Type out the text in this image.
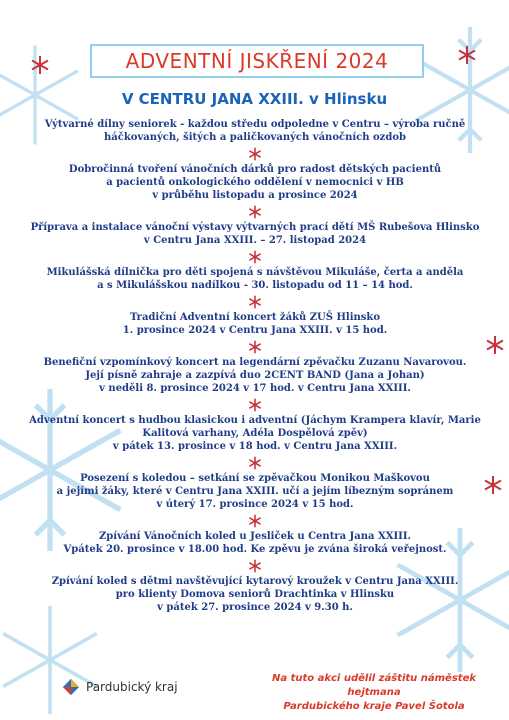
ADVENTNÍ JISKŘENÍ 2024
V CENTRU JANA XXIII. v Hlinsku
Výtvarné dílny seniorek - každou středu odpoledne v Centru – výroba ručně
háčkovaných, šitých a paličkovaných vánočních ozdob
Dobročinná tvoření vánočních dárků pro radost dětských pacientů
a pacientů onkologického oddělení v nemocnici v HB
v průběhu listopadu a prosince 2024
Příprava a instalace vánoční výstavy výtvarných prací dětí MŠ Rubešova Hlinsko
v Centru Jana XXIII. – 27. listopad 2024
Mikulášská dílnička pro děti spojená s návštěvou Mikuláše, čerta a anděla
a s Mikulášskou nadílkou - 30. listopadu od 11 – 14 hod.
Tradiční Adventní koncert žáků ZUŠ Hlinsko
1. prosince 2024 v Centru Jana XXIII. v 15 hod.
Benefiční vzpomínkový koncert na legendární zpěvačku Zuzanu Navarovou.
Její písně zahraje a zazpívá duo 2CENT BAND (Jana a Johan)
v neděli 8. prosince 2024 v 17 hod. v Centru Jana XXIII.
Adventní koncert s hudbou klasickou i adventní (Jáchym Krampera klavír, Marie
Kalitová varhany, Adéla Dospělová zpěv)
v pátek 13. prosince v 18 hod. v Centru Jana XXIII.
Posezení s koledou – setkání se zpěvačkou Monikou Maškovou
a jejími žáky, které v Centru Jana XXIII. učí a jejím líbezným sopránem
v úterý 17. prosince 2024 v 15 hod.
Zpívání Vánočních koled u Jesliček u Centra Jana XXIII.
Vpátek 20. prosince v 18.00 hod. Ke zpěvu je zvána široká veřejnost.
Zpívání koled s dětmi navštěvující kytarový kroužek v Centru Jana XXIII.
pro klienty Domova seniorů Drachtinka v Hlinsku
v pátek 27. prosince 2024 v 9.30 h.
Pardubický kraj
Na tuto akci udělil záštitu náměstek hejtmana
Pardubického kraje Pavel Šotola
